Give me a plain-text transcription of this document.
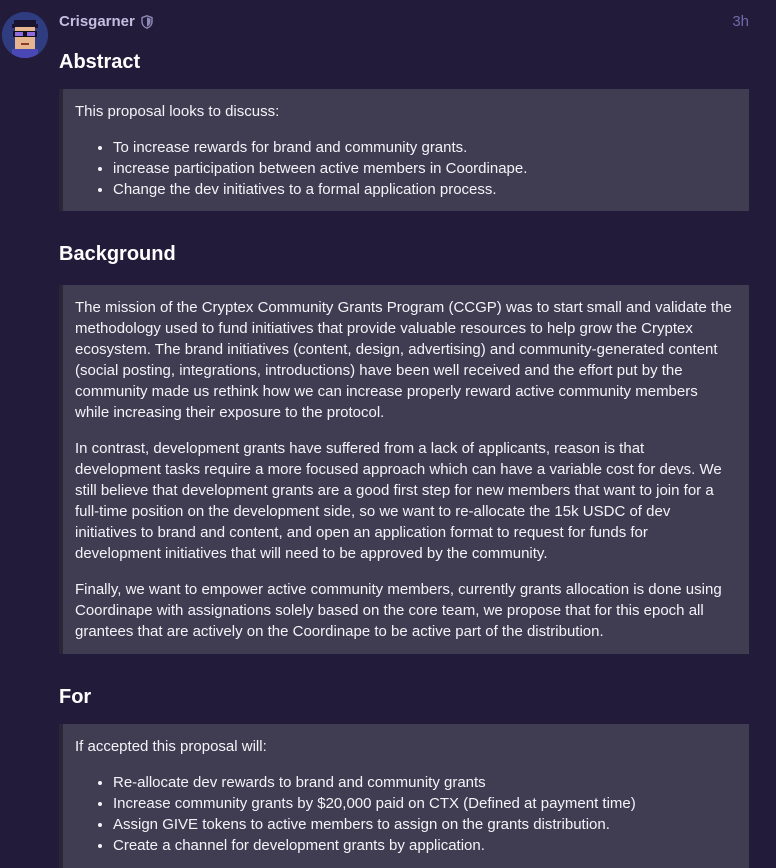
Crisgarner	3h
Abstract

This proposal looks to discuss:

• To increase rewards for brand and community grants.
• increase participation between active members in Coordinape.
• Change the dev initiatives to a formal application process.
Background

The mission of the Cryptex Community Grants Program (CCGP) was to start small and validate the methodology used to fund initiatives that provide valuable resources to help grow the Cryptex ecosystem. The brand initiatives (content, design, advertising) and community-generated content (social posting, integrations, introductions) have been well received and the effort put by the community made us rethink how we can increase properly reward active community members while increasing their exposure to the protocol.

In contrast, development grants have suffered from a lack of applicants, reason is that development tasks require a more focused approach which can have a variable cost for devs. We still believe that development grants are a good first step for new members that want to join for a full-time position on the development side, so we want to re-allocate the 15k USDC of dev initiatives to brand and content, and open an application format to request for funds for development initiatives that will need to be approved by the community.

Finally, we want to empower active community members, currently grants allocation is done using Coordinape with assignations solely based on the core team, we propose that for this epoch all grantees that are actively on the Coordinape to be active part of the distribution.

For

If accepted this proposal will:

• Re-allocate dev rewards to brand and community grants
• Increase community grants by $20,000 paid on CTX (Defined at payment time)
• Assign GIVE tokens to active members to assign on the grants distribution.
• Create a channel for development grants by application.
